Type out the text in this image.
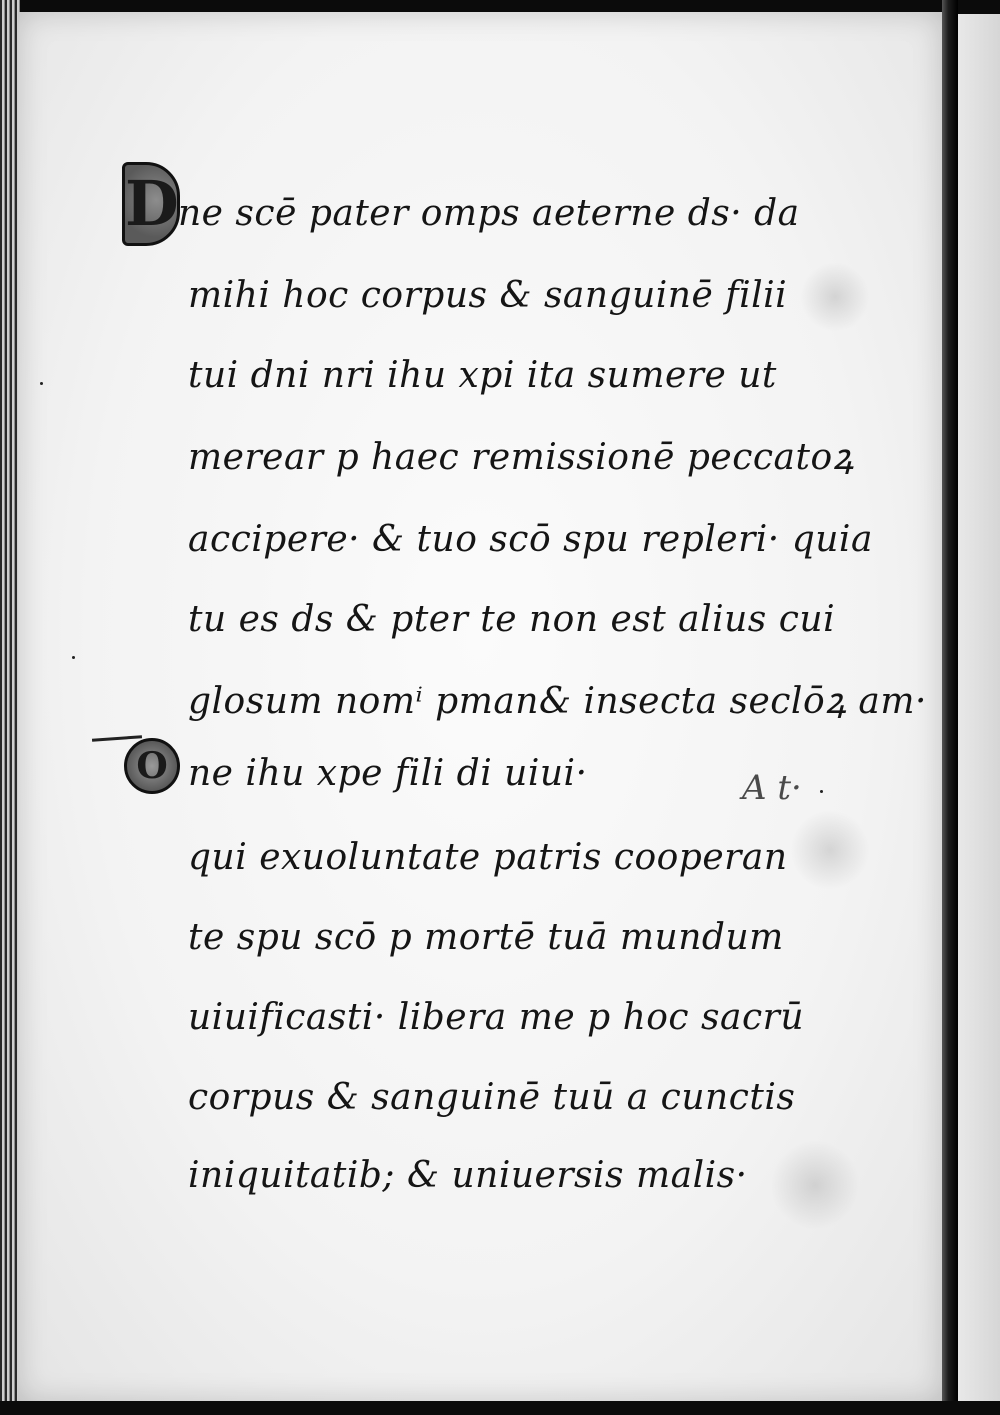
D
O
ne scē pater omps aeterne ds· da
mihi hoc corpus & sanguinē filii
tui dni nri ihu xpi ita sumere ut
merear p haec remissionē peccatoꝝ
accipere· & tuo scō spu repleri· quia
tu es ds & pter te non est alius cui
glosum nomⁱ pman& insecta seclōꝝ am·
ne ihu xpe fili di uiui·
qui exuoluntate patris cooperan
te spu scō p mortē tuā mundum
uiuificasti· libera me p hoc sacrū
corpus & sanguinē tuū a cunctis
iniquitatib; & uniuersis malis·
A t·
